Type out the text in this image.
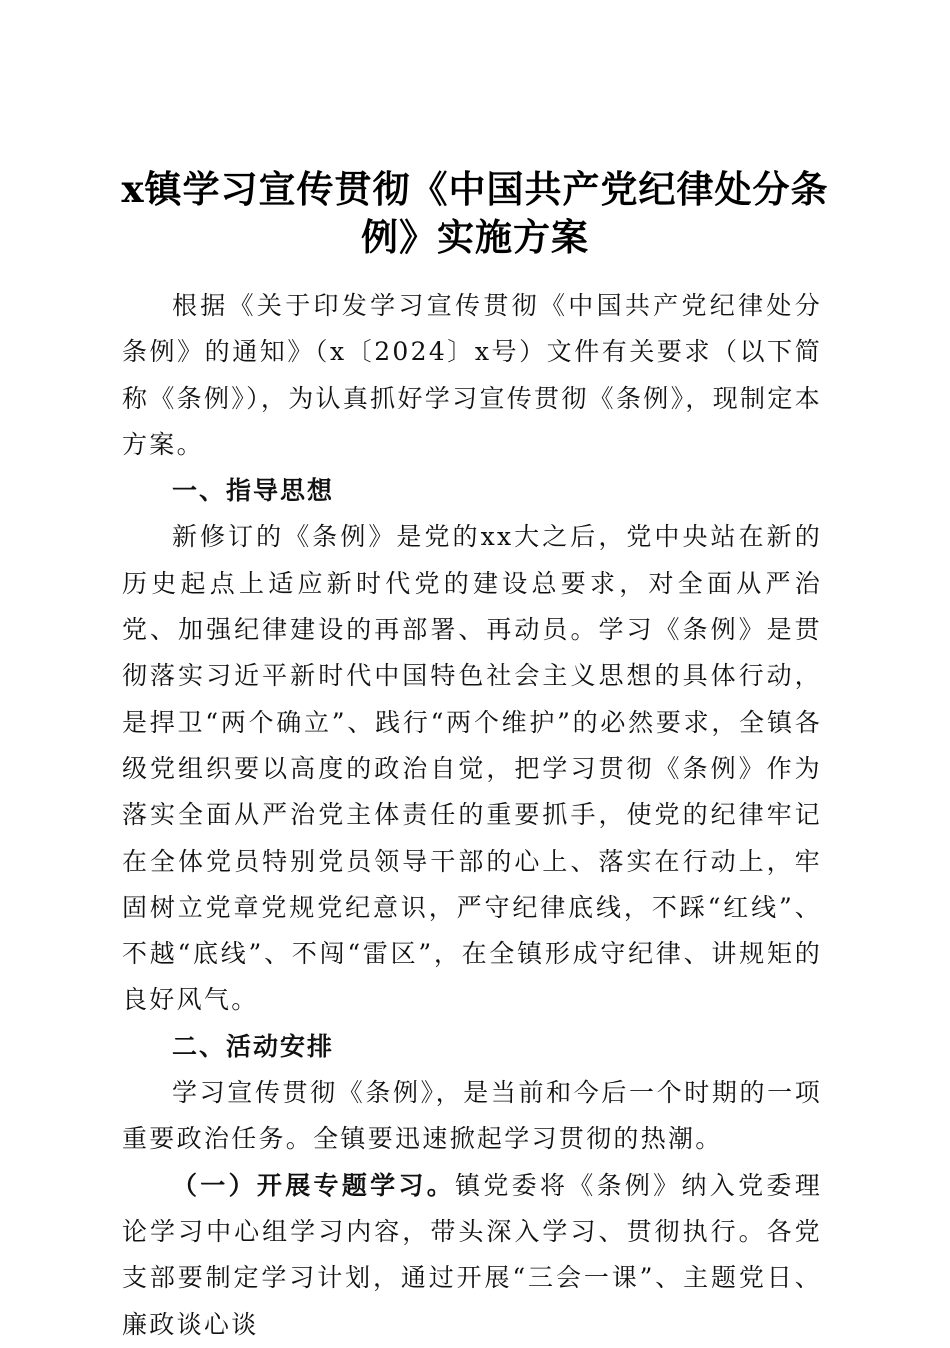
x镇学习宣传贯彻《中国共产党纪律处分条
例》实施方案

根据《关于印发学习宣传贯彻《中国共产党纪律处分条例》的通知》（x〔2024〕x号）文件有关要求（以下简称《条例》），为认真抓好学习宣传贯彻《条例》，现制定本方案。

一、指导思想

新修订的《条例》是党的xx大之后，党中央站在新的历史起点上适应新时代党的建设总要求，对全面从严治党、加强纪律建设的再部署、再动员。学习《条例》是贯彻落实习近平新时代中国特色社会主义思想的具体行动，是捍卫“两个确立”、践行“两个维护”的必然要求，全镇各级党组织要以高度的政治自觉，把学习贯彻《条例》作为落实全面从严治党主体责任的重要抓手，使党的纪律牢记在全体党员特别党员领导干部的心上、落实在行动上，牢固树立党章党规党纪意识，严守纪律底线，不踩“红线”、不越“底线”、不闯“雷区”，在全镇形成守纪律、讲规矩的良好风气。

二、活动安排

学习宣传贯彻《条例》，是当前和今后一个时期的一项重要政治任务。全镇要迅速掀起学习贯彻的热潮。

（一）开展专题学习。镇党委将《条例》纳入党委理论学习中心组学习内容，带头深入学习、贯彻执行。各党支部要制定学习计划，通过开展“三会一课”、主题党日、廉政谈心谈
